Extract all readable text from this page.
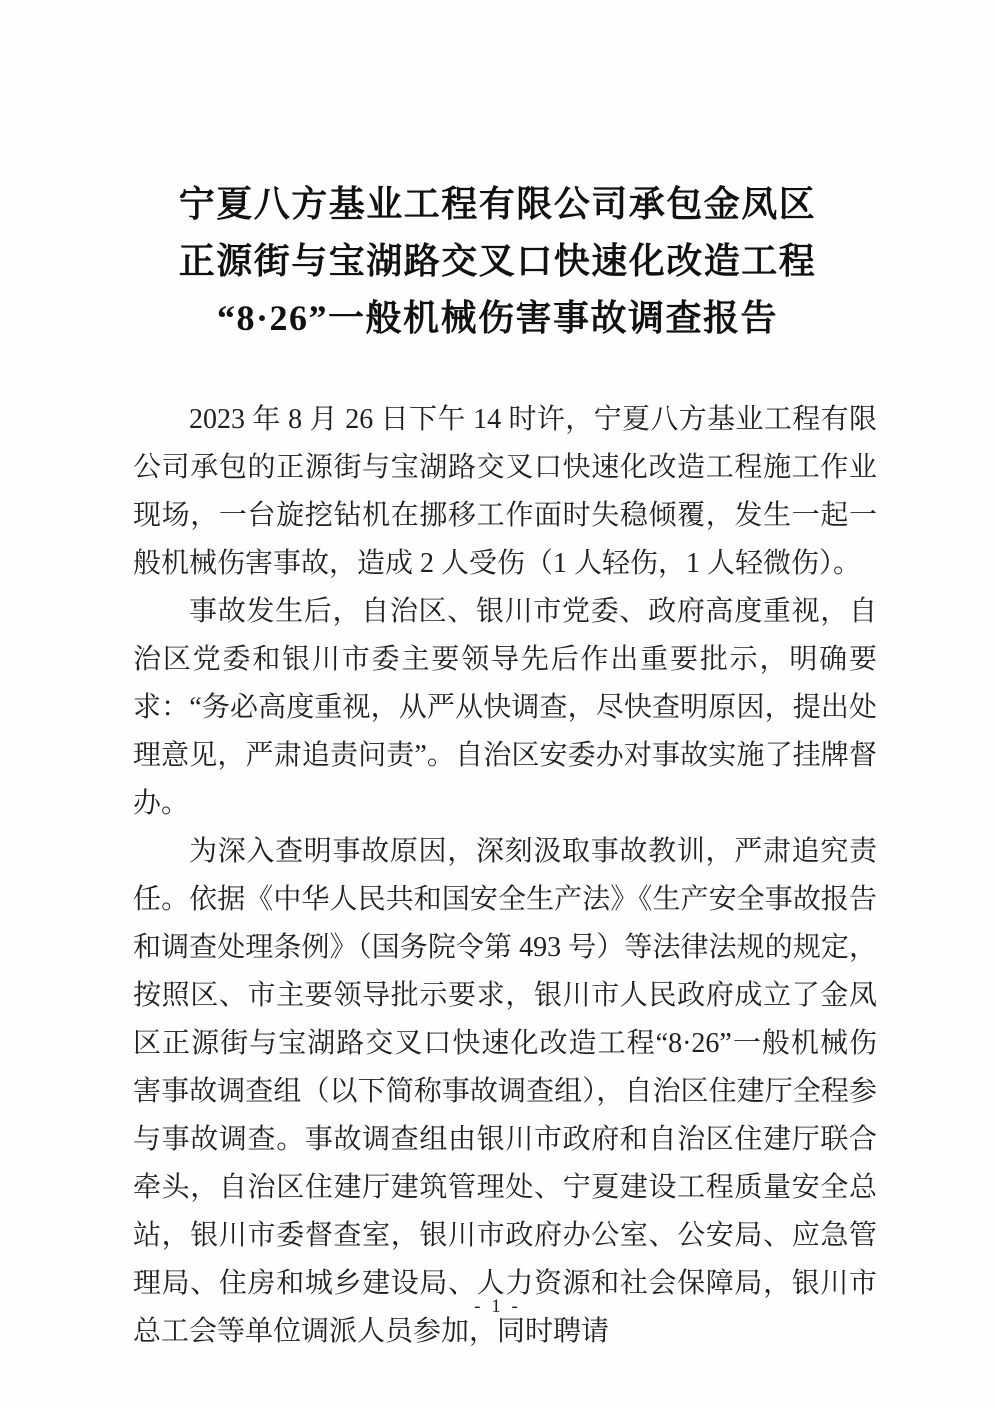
宁夏八方基业工程有限公司承包金凤区
正源街与宝湖路交叉口快速化改造工程
“8·26”一般机械伤害事故调查报告

2023 年 8 月 26 日下午 14 时许，宁夏八方基业工程有限公司承包的正源街与宝湖路交叉口快速化改造工程施工作业现场，一台旋挖钻机在挪移工作面时失稳倾覆，发生一起一般机械伤害事故，造成 2 人受伤（1 人轻伤，1 人轻微伤）。

事故发生后，自治区、银川市党委、政府高度重视，自治区党委和银川市委主要领导先后作出重要批示，明确要求：“务必高度重视，从严从快调查，尽快查明原因，提出处理意见，严肃追责问责”。自治区安委办对事故实施了挂牌督办。

为深入查明事故原因，深刻汲取事故教训，严肃追究责任。依据《中华人民共和国安全生产法》《生产安全事故报告和调查处理条例》（国务院令第 493 号）等法律法规的规定，按照区、市主要领导批示要求，银川市人民政府成立了金凤区正源街与宝湖路交叉口快速化改造工程“8·26”一般机械伤害事故调查组（以下简称事故调查组），自治区住建厅全程参与事故调查。事故调查组由银川市政府和自治区住建厅联合牵头，自治区住建厅建筑管理处、宁夏建设工程质量安全总站，银川市委督查室，银川市政府办公室、公安局、应急管理局、住房和城乡建设局、人力资源和社会保障局，银川市总工会等单位调派人员参加，同时聘请

- 1 -
